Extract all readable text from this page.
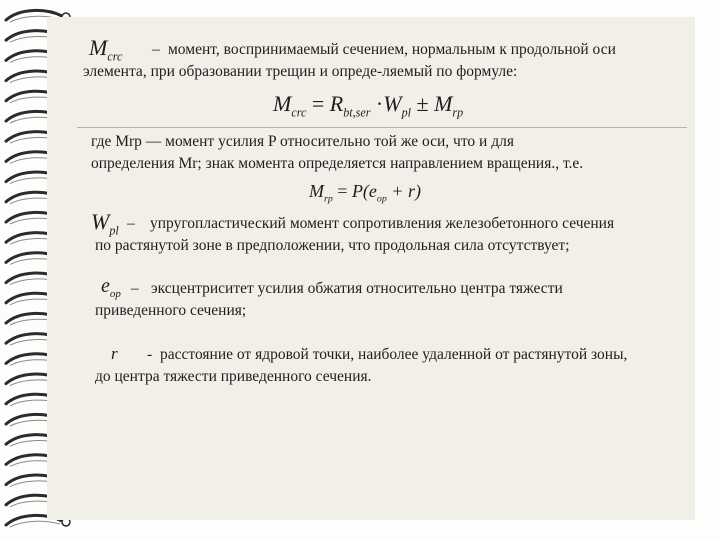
$M_{crc}$ – момент, воспринимаемый сечением, нормальным к продольной оси
элемента, при образовании трещин и опреде-ляемый по формуле:
$M_{crc} = R_{bt,ser} \cdot W_{pl} \pm M_{rp}$
где Mrp — момент усилия P относительно той же оси, что и для
определения Mr; знак момента определяется направлением вращения., т.е.
$M_{rp} = P(e_{op} + r)$
$W_{pl}$ – упругопластический момент сопротивления железобетонного сечения
по растянутой зоне в предположении, что продольная сила отсутствует;
$e_{op}$ – эксцентриситет усилия обжатия относительно центра тяжести
приведенного сечения;
r - расстояние от ядровой точки, наиболее удаленной от растянутой зоны,
до центра тяжести приведенного сечения.
